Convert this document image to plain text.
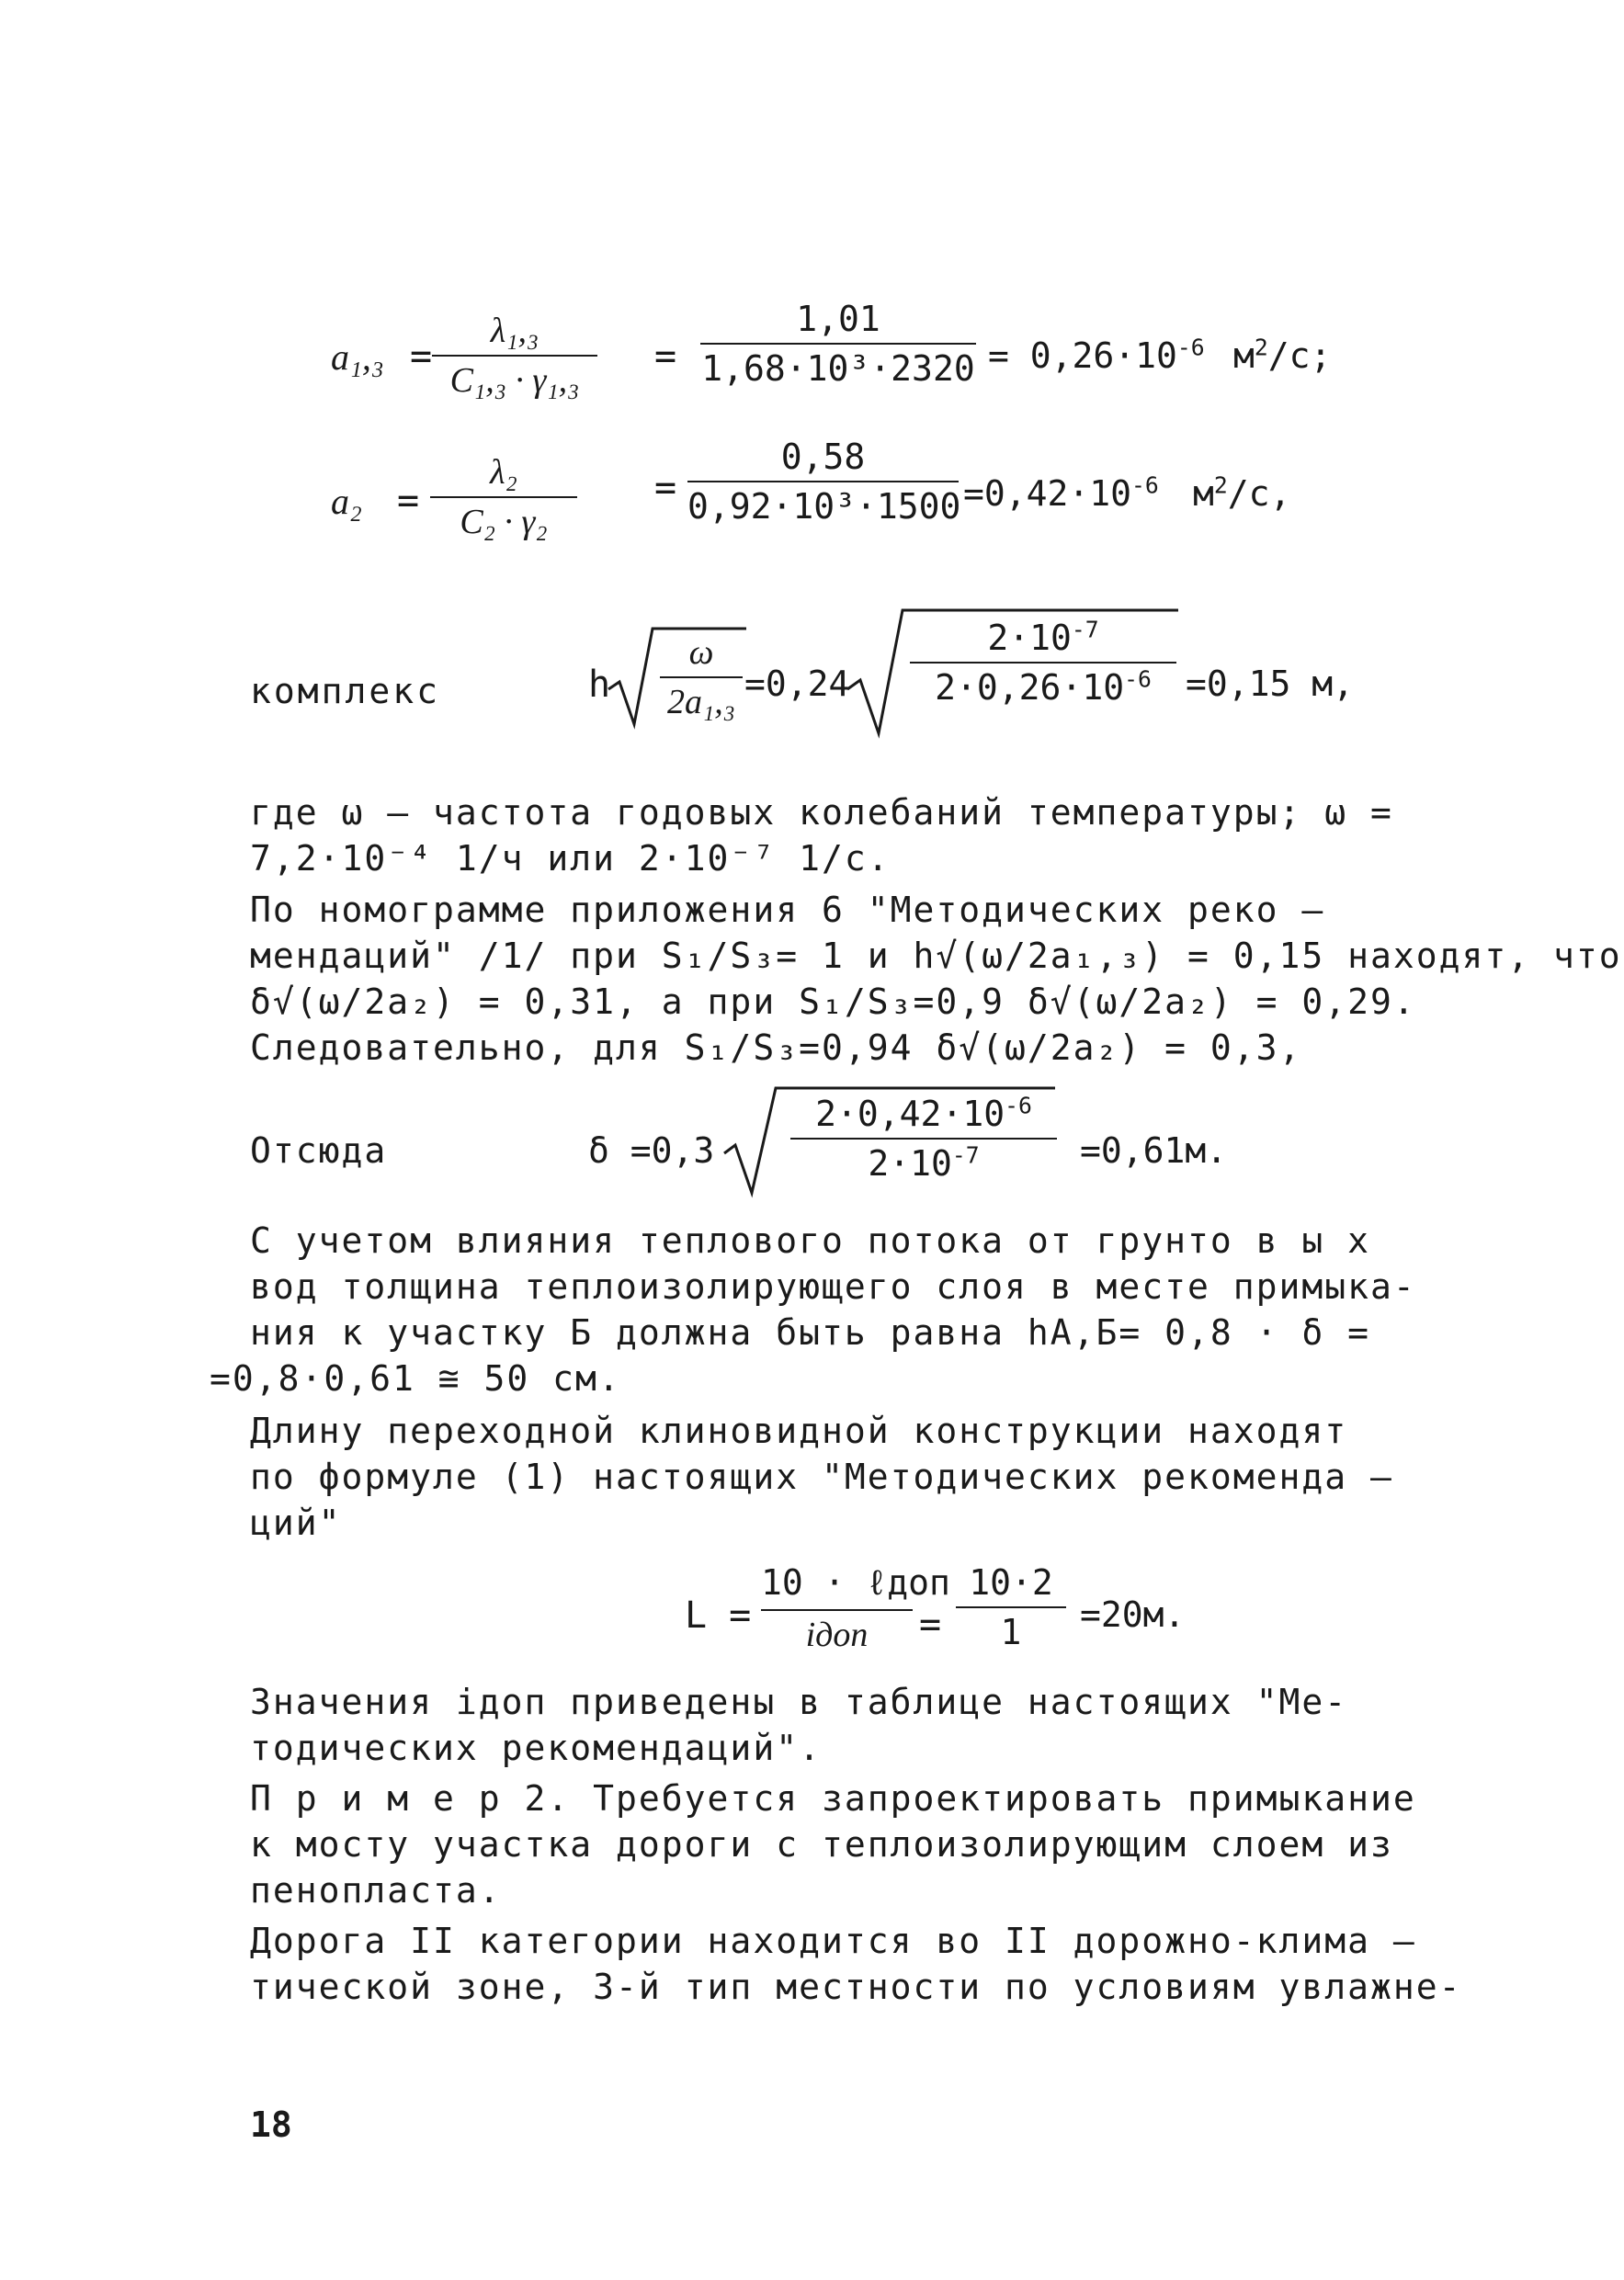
a₁,₃ =
λ₁,₃
C₁,₃ · γ₁,₃
=
1,01
$1,68\cdot 10^3\cdot 2320 = 0,26\cdot 10^{-6}$ $м^2/с$;
a₂ =
λ₂
C₂ · γ₂
=
0,58
$0,92\cdot 10^3\cdot 1500 =0,42\cdot 10^{-6}$ $м^2/с$,
комплекс	h
ω
2a₁,₃ =0,24
$2\cdot 10^{-7}$
$2\cdot 0,26\cdot 10^{-6} =0,15$ м,
где ω – частота годовых колебаний температуры; ω =
7,2·10⁻⁴ 1/ч или 2·10⁻⁷ 1/с.
По номограмме приложения 6 "Методических реко –
мендаций" /1/ при S₁/S₃= 1 и h√(ω/2a₁,₃) = 0,15 находят, что
δ√(ω/2a₂) = 0,31, а при S₁/S₃=0,9 δ√(ω/2a₂) = 0,29.
Следовательно, для S₁/S₃=0,94 δ√(ω/2a₂) = 0,3,
Отсюда	δ =0,3
$2\cdot 0,42\cdot 10^{-6}$
$2\cdot 10^{-7}$	=0,61м.
С учетом влияния теплового потока от грунто в ы х
вод толщина теплоизолирующего слоя в месте примыка-
ния к участку Б должна быть равна hА,Б= 0,8 · δ =
=0,8·0,61 ≅ 50 см.
Длину переходной клиновидной конструкции находят
по формуле (1) настоящих "Методических рекоменда –
ций"
L =
10 · ℓдоп
iдоп	=
10·2
1	=20м.
Значения iдоп приведены в таблице настоящих "Ме-
тодических рекомендаций".
П р и м е р 2. Требуется запроектировать примыкание
к мосту участка дороги с теплоизолирующим слоем из
пенопласта.
Дорога II категории находится во II дорожно-клима –
тической зоне, 3-й тип местности по условиям увлажне-
18
